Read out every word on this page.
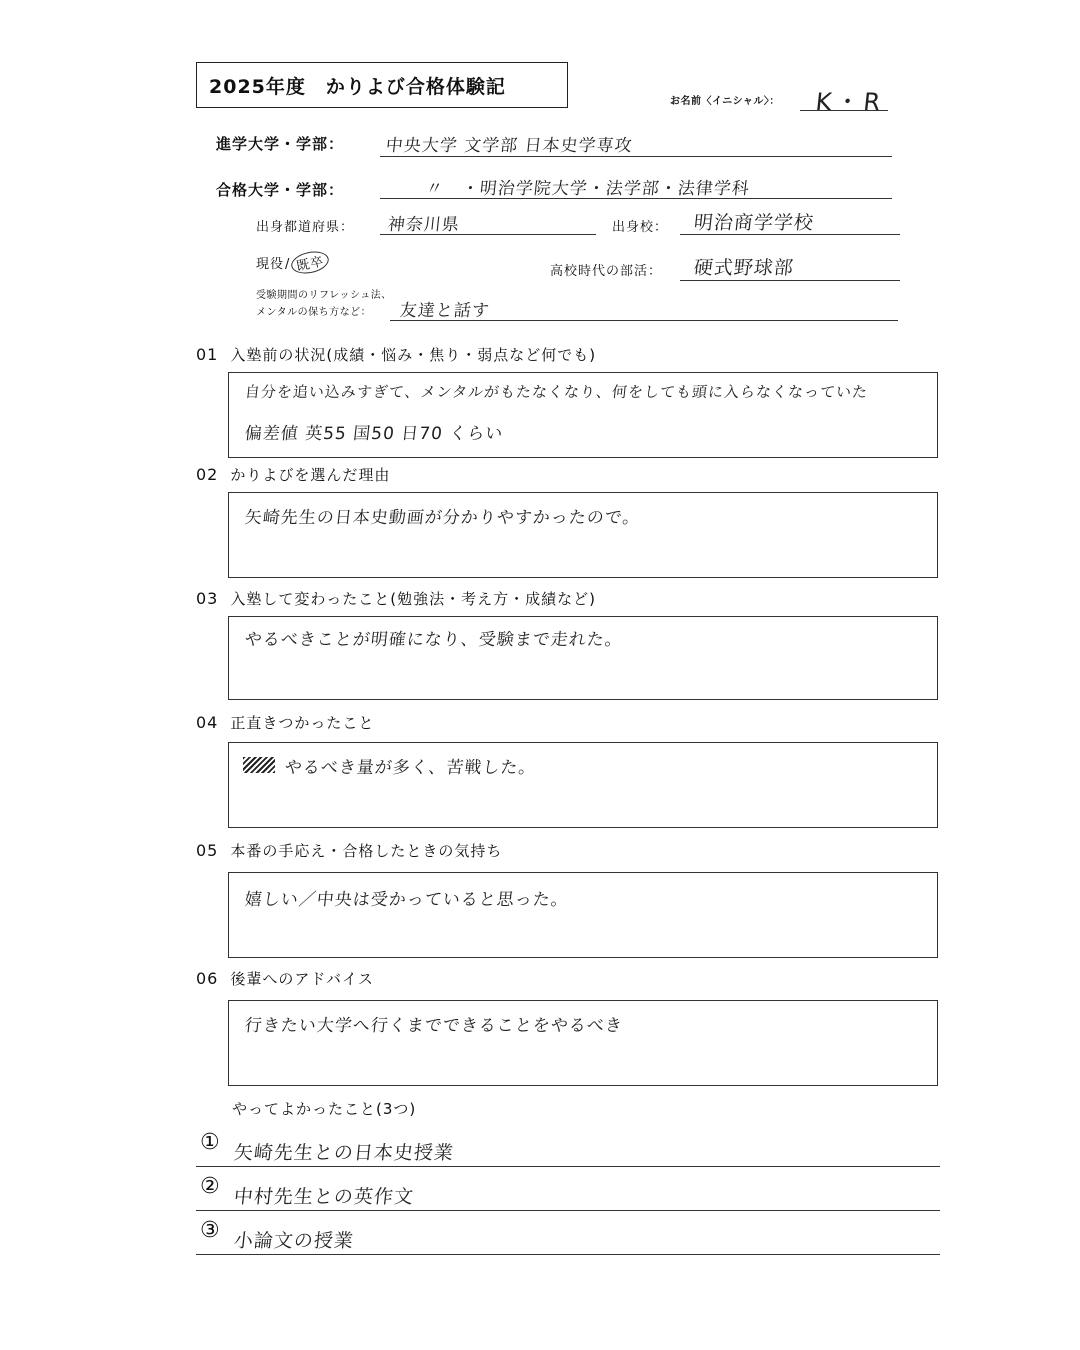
2025年度　かりよび合格体験記
お名前〈イニシャル〉： K・R
進学大学・学部： 中央大学 文学部 日本史学専攻
合格大学・学部：	〃　・明治学院大学・法学部・法律学科
出身都道府県： 神奈川県	出身校： 明治商学学校
現役/ 既卒	高校時代の部活： 硬式野球部
受験期間のリフレッシュ法、
メンタルの保ち方など： 友達と話す
01 入塾前の状況(成績・悩み・焦り・弱点など何でも)
自分を追い込みすぎて、メンタルがもたなくなり、何をしても頭に入らなくなっていた
偏差値 英55 国50 日70 くらい
02 かりよびを選んだ理由
矢崎先生の日本史動画が分かりやすかったので。
03 入塾して変わったこと(勉強法・考え方・成績など)
やるべきことが明確になり、受験まで走れた。
04 正直きつかったこと
やるべき量が多く、苦戦した。
05 本番の手応え・合格したときの気持ち
嬉しい／中央は受かっていると思った。
06 後輩へのアドバイス
行きたい大学へ行くまでできることをやるべき
やってよかったこと(3つ)
① 矢崎先生との日本史授業
② 中村先生との英作文
③ 小論文の授業
